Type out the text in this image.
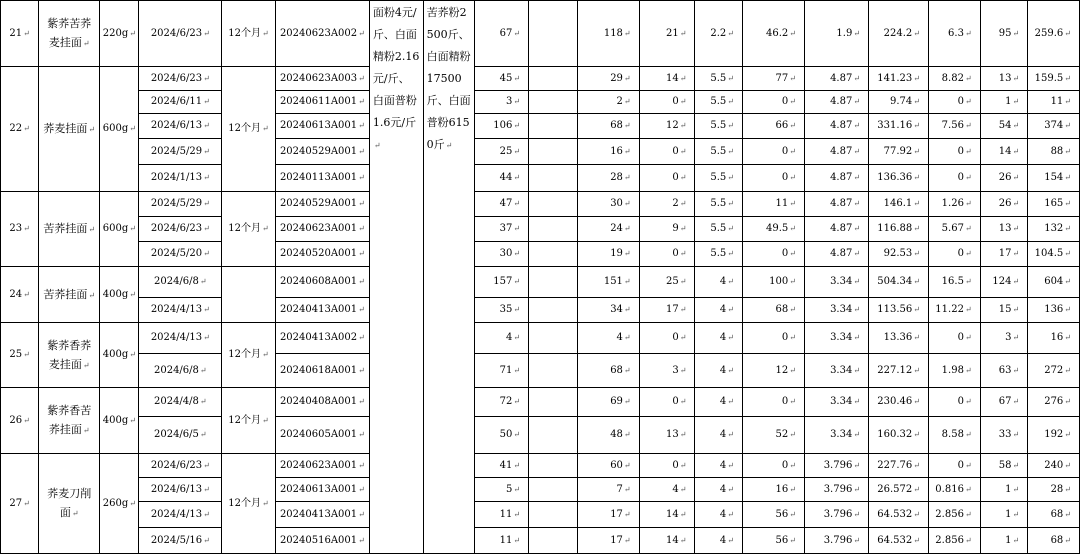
21↵	紫荞苦荞麦挂面↵	220g↵	2024/6/23↵	12个月↵	20240623A002↵	面粉4元/斤、白面精粉2.16元/斤、白面普粉1.6元/斤↵	苦荞粉2500斤、白面精粉17500斤、白面普粉6150斤↵	67↵		118↵	21↵	2.2↵	46.2↵	1.9↵	224.2↵	6.3↵	95↵	259.6↵
22↵	荞麦挂面↵	600g↵	2024/6/23↵	12个月↵	20240623A003↵			45↵		29↵	14↵	5.5↵	77↵	4.87↵	141.23↵	8.82↵	13↵	159.5↵
			2024/6/11↵		20240611A001↵			3↵		2↵	0↵	5.5↵	0↵	4.87↵	9.74↵	0↵	1↵	11↵
			2024/6/13↵		20240613A001↵			106↵		68↵	12↵	5.5↵	66↵	4.87↵	331.16↵	7.56↵	54↵	374↵
			2024/5/29↵		20240529A001↵			25↵		16↵	0↵	5.5↵	0↵	4.87↵	77.92↵	0↵	14↵	88↵
			2024/1/13↵		20240113A001↵			44↵		28↵	0↵	5.5↵	0↵	4.87↵	136.36↵	0↵	26↵	154↵
23↵	苦荞挂面↵	600g↵	2024/5/29↵	12个月↵	20240529A001↵			47↵		30↵	2↵	5.5↵	11↵	4.87↵	146.1↵	1.26↵	26↵	165↵
			2024/6/23↵		20240623A001↵			37↵		24↵	9↵	5.5↵	49.5↵	4.87↵	116.88↵	5.67↵	13↵	132↵
			2024/5/20↵		20240520A001↵			30↵		19↵	0↵	5.5↵	0↵	4.87↵	92.53↵	0↵	17↵	104.5↵
24↵	苦荞挂面↵	400g↵	2024/6/8↵		20240608A001↵			157↵		151↵	25↵	4↵	100↵	3.34↵	504.34↵	16.5↵	124↵	604↵
			2024/4/13↵		20240413A001↵			35↵		34↵	17↵	4↵	68↵	3.34↵	113.56↵	11.22↵	15↵	136↵
25↵	紫荞香荞麦挂面↵	400g↵	2024/4/13↵	12个月↵	20240413A002↵			4↵		4↵	0↵	4↵	0↵	3.34↵	13.36↵	0↵	3↵	16↵
			2024/6/8↵		20240618A001↵			71↵		68↵	3↵	4↵	12↵	3.34↵	227.12↵	1.98↵	63↵	272↵
26↵	紫荞香苦荞挂面↵	400g↵	2024/4/8↵	12个月↵	20240408A001↵			72↵		69↵	0↵	4↵	0↵	3.34↵	230.46↵	0↵	67↵	276↵
			2024/6/5↵		20240605A001↵			50↵		48↵	13↵	4↵	52↵	3.34↵	160.32↵	8.58↵	33↵	192↵
27↵	荞麦刀削面↵	260g↵	2024/6/23↵	12个月↵	20240623A001↵			41↵		60↵	0↵	4↵	0↵	3.796↵	227.76↵	0↵	58↵	240↵
			2024/6/13↵		20240613A001↵			5↵		7↵	4↵	4↵	16↵	3.796↵	26.572↵	0.816↵	1↵	28↵
			2024/4/13↵		20240413A001↵			11↵		17↵	14↵	4↵	56↵	3.796↵	64.532↵	2.856↵	1↵	68↵
			2024/5/16↵		20240516A001↵			11↵		17↵	14↵	4↵	56↵	3.796↵	64.532↵	2.856↵	1↵	68↵
